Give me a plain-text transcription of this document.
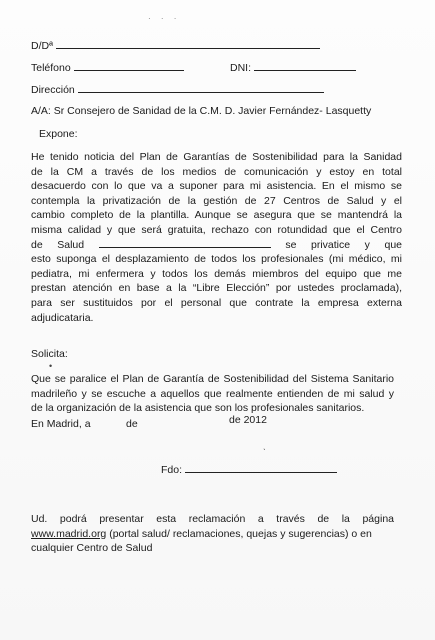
· · ·
D/Dª
Teléfono	DNI:
Dirección
A/A: Sr Consejero de Sanidad de la C.M. D. Javier Fernández- Lasquetty
Expone:
He tenido noticia del Plan de Garantías de Sostenibilidad para la Sanidad
de la CM a través de los medios de comunicación y estoy en total
desacuerdo con lo que va a suponer para mi asistencia. En el mismo se
contempla la privatización de la gestión de 27 Centros de Salud y el
cambio completo de la plantilla. Aunque se asegura que se mantendrá la
misma calidad y que será gratuita, rechazo con rotundidad que el Centro
de Salud	se privatice y que
esto suponga el desplazamiento de todos los profesionales (mi médico, mi
pediatra, mi enfermera y todos los demás miembros del equipo que me
prestan atención en base a la “Libre Elección” por ustedes proclamada),
para ser sustituidos por el personal que contrate la empresa externa
adjudicataria.
Solicita:
•
Que se paralice el Plan de Garantía de Sostenibilidad del Sistema Sanitario
madrileño y se escuche a aquellos que realmente entienden de mi salud y
de la organización de la asistencia que son los profesionales sanitarios.
En Madrid, a	de	de 2012
ˎ
Fdo:
Ud. podrá presentar esta reclamación a través de la página
www.madrid.org (portal salud/ reclamaciones, quejas y sugerencias) o en
cualquier Centro de Salud
